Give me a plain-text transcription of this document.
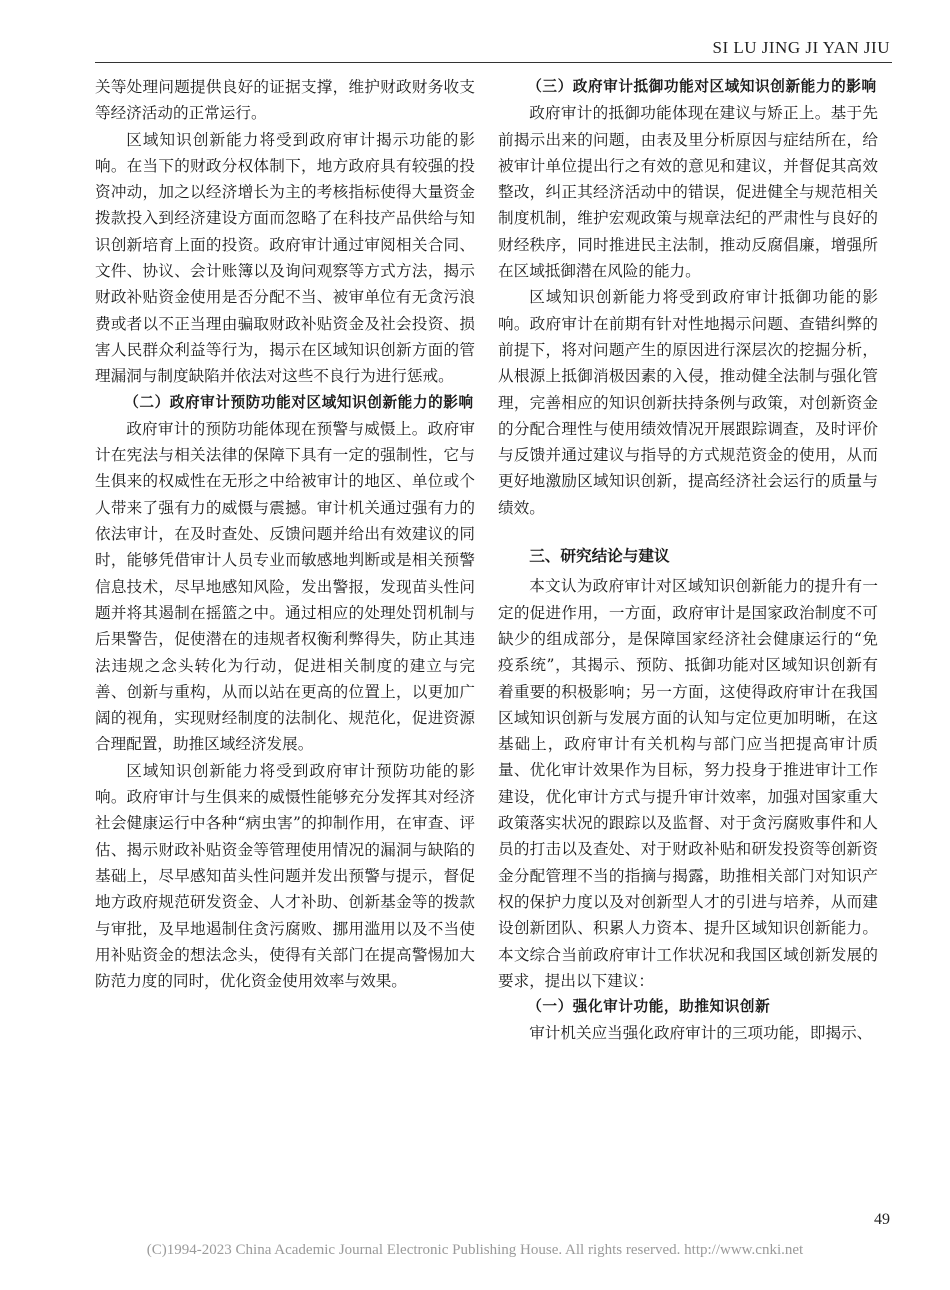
SI LU JING JI YAN JIU

关等处理问题提供良好的证据支撑，维护财政财务收支等经济活动的正常运行。

区域知识创新能力将受到政府审计揭示功能的影响。在当下的财政分权体制下，地方政府具有较强的投资冲动，加之以经济增长为主的考核指标使得大量资金拨款投入到经济建设方面而忽略了在科技产品供给与知识创新培育上面的投资。政府审计通过审阅相关合同、文件、协议、会计账簿以及询问观察等方式方法，揭示财政补贴资金使用是否分配不当、被审单位有无贪污浪费或者以不正当理由骗取财政补贴资金及社会投资、损害人民群众利益等行为，揭示在区域知识创新方面的管理漏洞与制度缺陷并依法对这些不良行为进行惩戒。

（二）政府审计预防功能对区域知识创新能力的影响

政府审计的预防功能体现在预警与威慑上。政府审计在宪法与相关法律的保障下具有一定的强制性，它与生俱来的权威性在无形之中给被审计的地区、单位或个人带来了强有力的威慑与震撼。审计机关通过强有力的依法审计，在及时查处、反馈问题并给出有效建议的同时，能够凭借审计人员专业而敏感地判断或是相关预警信息技术，尽早地感知风险，发出警报，发现苗头性问题并将其遏制在摇篮之中。通过相应的处理处罚机制与后果警告，促使潜在的违规者权衡利弊得失，防止其违法违规之念头转化为行动，促进相关制度的建立与完善、创新与重构，从而以站在更高的位置上，以更加广阔的视角，实现财经制度的法制化、规范化，促进资源合理配置，助推区域经济发展。

区域知识创新能力将受到政府审计预防功能的影响。政府审计与生俱来的威慑性能够充分发挥其对经济社会健康运行中各种“病虫害”的抑制作用，在审查、评估、揭示财政补贴资金等管理使用情况的漏洞与缺陷的基础上，尽早感知苗头性问题并发出预警与提示，督促地方政府规范研发资金、人才补助、创新基金等的拨款与审批，及早地遏制住贪污腐败、挪用滥用以及不当使用补贴资金的想法念头，使得有关部门在提高警惕加大防范力度的同时，优化资金使用效率与效果。

（三）政府审计抵御功能对区域知识创新能力的影响

政府审计的抵御功能体现在建议与矫正上。基于先前揭示出来的问题，由表及里分析原因与症结所在，给被审计单位提出行之有效的意见和建议，并督促其高效整改，纠正其经济活动中的错误，促进健全与规范相关制度机制，维护宏观政策与规章法纪的严肃性与良好的财经秩序，同时推进民主法制，推动反腐倡廉，增强所在区域抵御潜在风险的能力。

区域知识创新能力将受到政府审计抵御功能的影响。政府审计在前期有针对性地揭示问题、查错纠弊的前提下，将对问题产生的原因进行深层次的挖掘分析，从根源上抵御消极因素的入侵，推动健全法制与强化管理，完善相应的知识创新扶持条例与政策，对创新资金的分配合理性与使用绩效情况开展跟踪调查，及时评价与反馈并通过建议与指导的方式规范资金的使用，从而更好地激励区域知识创新，提高经济社会运行的质量与绩效。

三、研究结论与建议

本文认为政府审计对区域知识创新能力的提升有一定的促进作用，一方面，政府审计是国家政治制度不可缺少的组成部分，是保障国家经济社会健康运行的“免疫系统”，其揭示、预防、抵御功能对区域知识创新有着重要的积极影响；另一方面，这使得政府审计在我国区域知识创新与发展方面的认知与定位更加明晰，在这基础上，政府审计有关机构与部门应当把提高审计质量、优化审计效果作为目标，努力投身于推进审计工作建设，优化审计方式与提升审计效率，加强对国家重大政策落实状况的跟踪以及监督、对于贪污腐败事件和人员的打击以及查处、对于财政补贴和研发投资等创新资金分配管理不当的指摘与揭露，助推相关部门对知识产权的保护力度以及对创新型人才的引进与培养，从而建设创新团队、积累人力资本、提升区域知识创新能力。本文综合当前政府审计工作状况和我国区域创新发展的要求，提出以下建议：

（一）强化审计功能，助推知识创新

审计机关应当强化政府审计的三项功能，即揭示、

49
(C)1994-2023 China Academic Journal Electronic Publishing House. All rights reserved. http://www.cnki.net
